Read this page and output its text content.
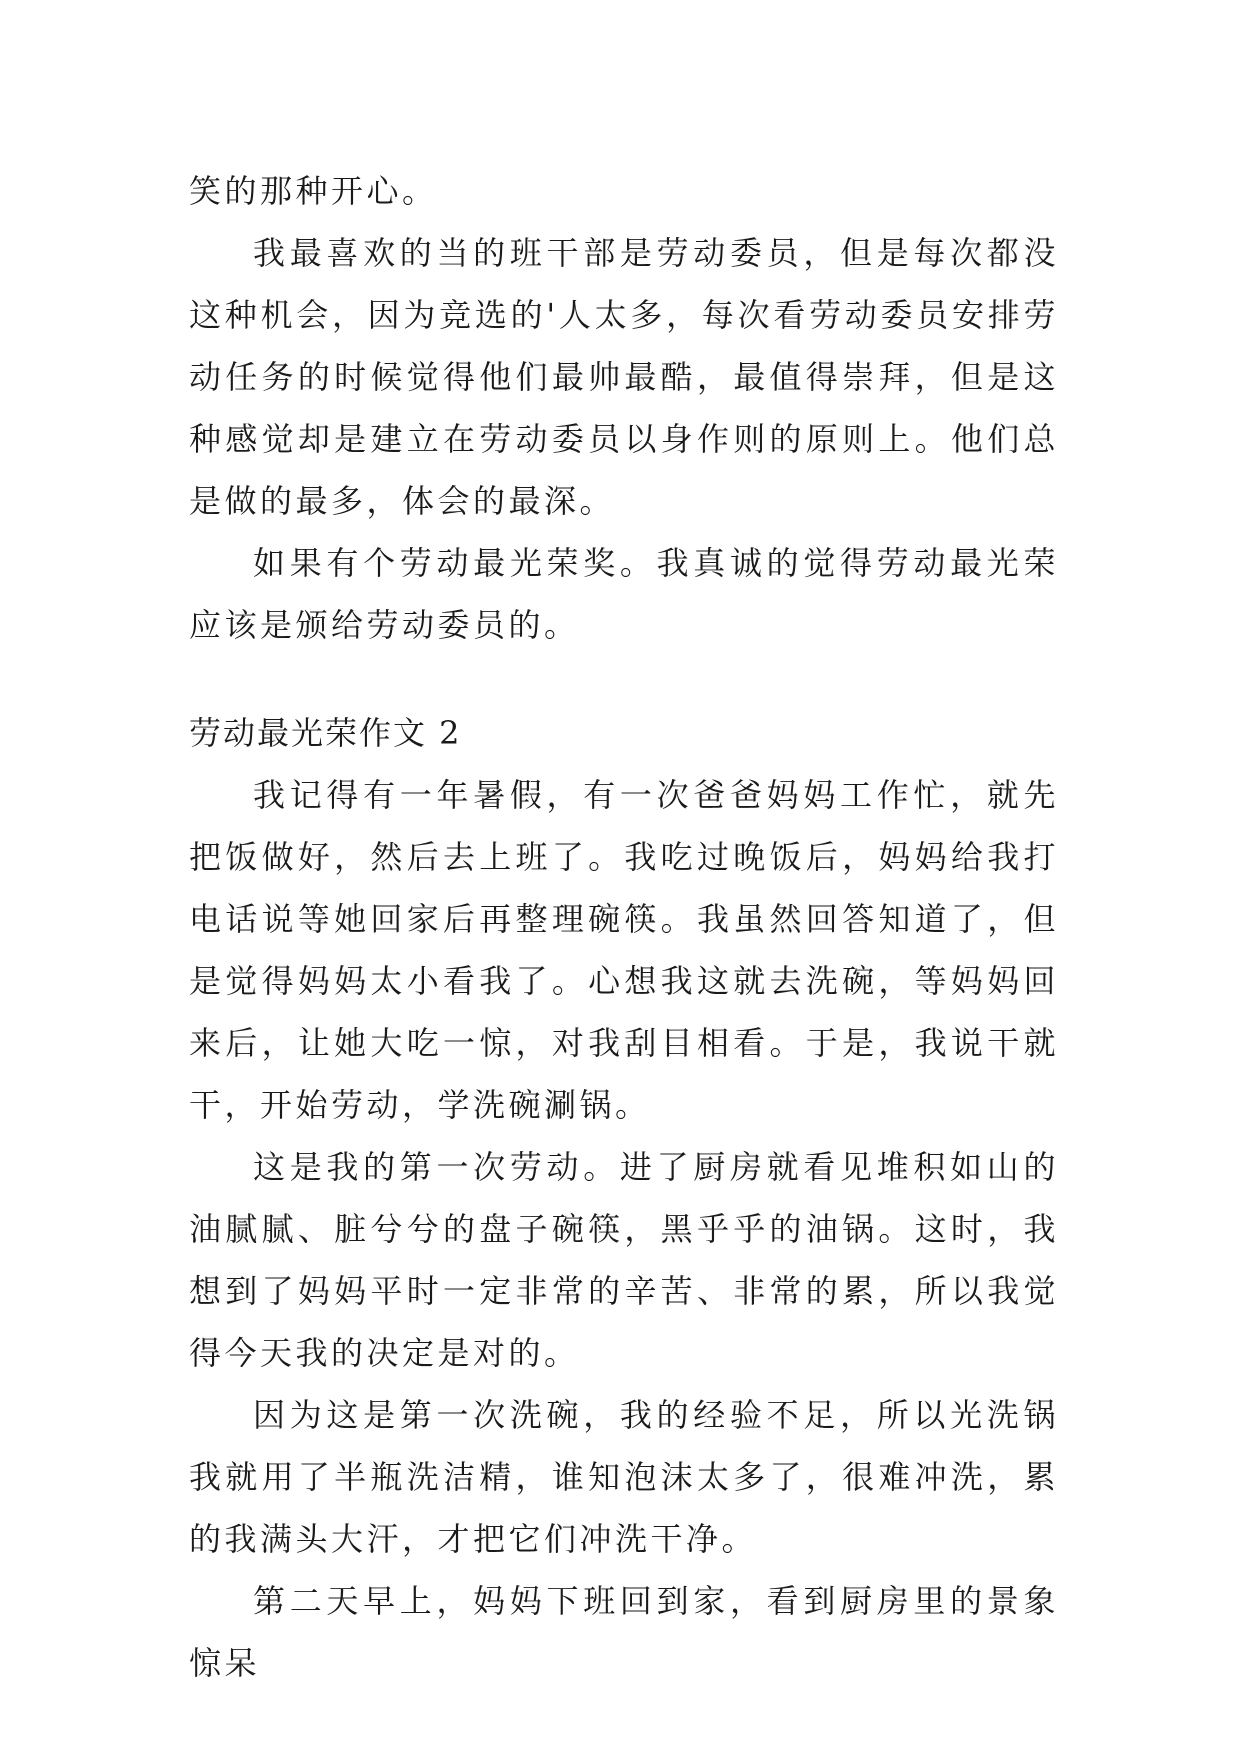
笑的那种开心。

我最喜欢的当的班干部是劳动委员，但是每次都没这种机会，因为竞选的'人太多，每次看劳动委员安排劳动任务的时候觉得他们最帅最酷，最值得崇拜，但是这种感觉却是建立在劳动委员以身作则的原则上。他们总是做的最多，体会的最深。

如果有个劳动最光荣奖。我真诚的觉得劳动最光荣应该是颁给劳动委员的。

劳动最光荣作文 2

我记得有一年暑假，有一次爸爸妈妈工作忙，就先把饭做好，然后去上班了。我吃过晚饭后，妈妈给我打电话说等她回家后再整理碗筷。我虽然回答知道了，但是觉得妈妈太小看我了。心想我这就去洗碗，等妈妈回来后，让她大吃一惊，对我刮目相看。于是，我说干就干，开始劳动，学洗碗涮锅。

这是我的第一次劳动。进了厨房就看见堆积如山的油腻腻、脏兮兮的盘子碗筷，黑乎乎的油锅。这时，我想到了妈妈平时一定非常的辛苦、非常的累，所以我觉得今天我的决定是对的。

因为这是第一次洗碗，我的经验不足，所以光洗锅我就用了半瓶洗洁精，谁知泡沫太多了，很难冲洗，累的我满头大汗，才把它们冲洗干净。

第二天早上，妈妈下班回到家，看到厨房里的景象惊呆
